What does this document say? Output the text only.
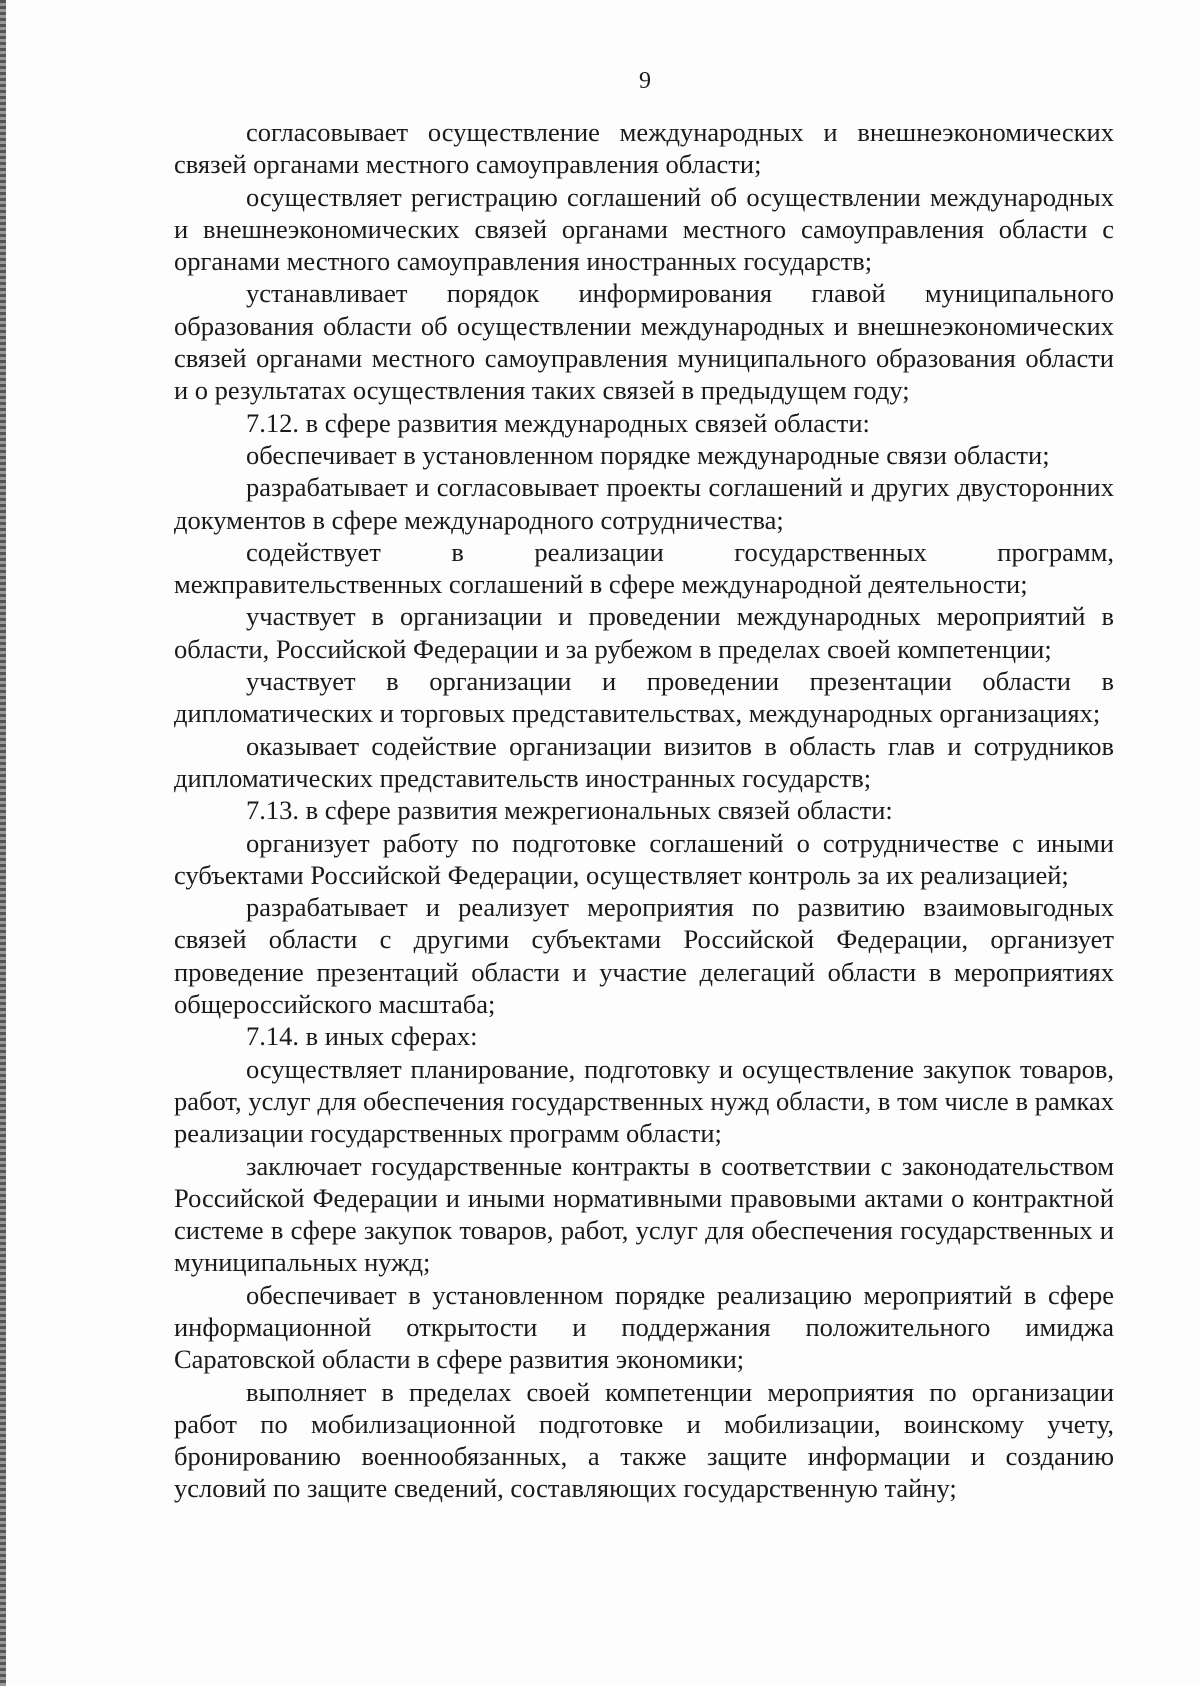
9

согласовывает осуществление международных и внешнеэкономических связей органами местного самоуправления области;

осуществляет регистрацию соглашений об осуществлении международных и внешнеэкономических связей органами местного самоуправления области с органами местного самоуправления иностранных государств;

устанавливает порядок информирования главой муниципального образования области об осуществлении международных и внешнеэкономических связей органами местного самоуправления муниципального образования области и о результатах осуществления таких связей в предыдущем году;

7.12. в сфере развития международных связей области:

обеспечивает в установленном порядке международные связи области;

разрабатывает и согласовывает проекты соглашений и других двусторонних документов в сфере международного сотрудничества;

содействует в реализации государственных программ, межправительственных соглашений в сфере международной деятельности;

участвует в организации и проведении международных мероприятий в области, Российской Федерации и за рубежом в пределах своей компетенции;

участвует в организации и проведении презентации области в дипломатических и торговых представительствах, международных организациях;

оказывает содействие организации визитов в область глав и сотрудников дипломатических представительств иностранных государств;

7.13. в сфере развития межрегиональных связей области:

организует работу по подготовке соглашений о сотрудничестве с иными субъектами Российской Федерации, осуществляет контроль за их реализацией;

разрабатывает и реализует мероприятия по развитию взаимовыгодных связей области с другими субъектами Российской Федерации, организует проведение презентаций области и участие делегаций области в мероприятиях общероссийского масштаба;

7.14. в иных сферах:

осуществляет планирование, подготовку и осуществление закупок товаров, работ, услуг для обеспечения государственных нужд области, в том числе в рамках реализации государственных программ области;

заключает государственные контракты в соответствии с законодательством Российской Федерации и иными нормативными правовыми актами о контрактной системе в сфере закупок товаров, работ, услуг для обеспечения государственных и муниципальных нужд;

обеспечивает в установленном порядке реализацию мероприятий в сфере информационной открытости и поддержания положительного имиджа Саратовской области в сфере развития экономики;

выполняет в пределах своей компетенции мероприятия по организации работ по мобилизационной подготовке и мобилизации, воинскому учету, бронированию военнообязанных, а также защите информации и созданию условий по защите сведений, составляющих государственную тайну;
